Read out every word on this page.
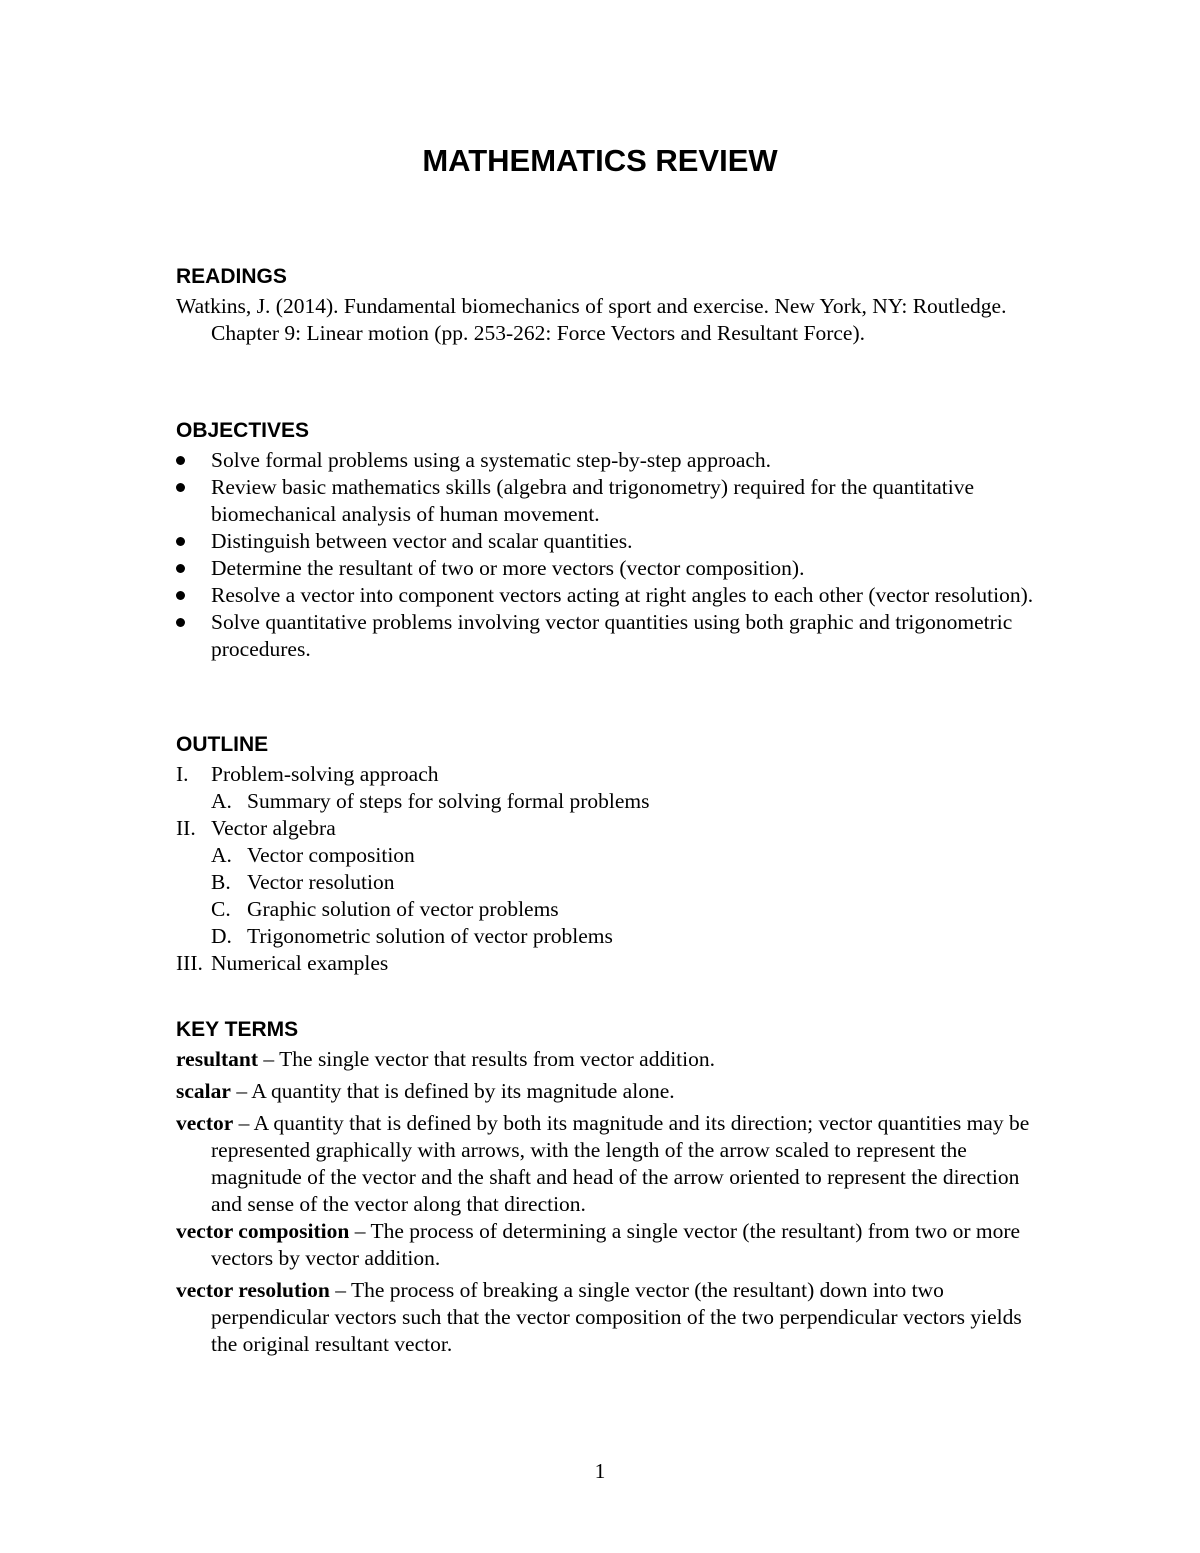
MATHEMATICS REVIEW

READINGS

Watkins, J. (2014). Fundamental biomechanics of sport and exercise. New York, NY: Routledge. Chapter 9: Linear motion (pp. 253-262: Force Vectors and Resultant Force).

OBJECTIVES

Solve formal problems using a systematic step-by-step approach.
Review basic mathematics skills (algebra and trigonometry) required for the quantitative biomechanical analysis of human movement.
Distinguish between vector and scalar quantities.
Determine the resultant of two or more vectors (vector composition).
Resolve a vector into component vectors acting at right angles to each other (vector resolution).
Solve quantitative problems involving vector quantities using both graphic and trigonometric procedures.

OUTLINE

I. Problem-solving approach
A. Summary of steps for solving formal problems
II. Vector algebra
A. Vector composition
B. Vector resolution
C. Graphic solution of vector problems
D. Trigonometric solution of vector problems
III. Numerical examples

KEY TERMS

resultant – The single vector that results from vector addition.

scalar – A quantity that is defined by its magnitude alone.

vector – A quantity that is defined by both its magnitude and its direction; vector quantities may be represented graphically with arrows, with the length of the arrow scaled to represent the magnitude of the vector and the shaft and head of the arrow oriented to represent the direction and sense of the vector along that direction.

vector composition – The process of determining a single vector (the resultant) from two or more vectors by vector addition.

vector resolution – The process of breaking a single vector (the resultant) down into two perpendicular vectors such that the vector composition of the two perpendicular vectors yields the original resultant vector.

1
